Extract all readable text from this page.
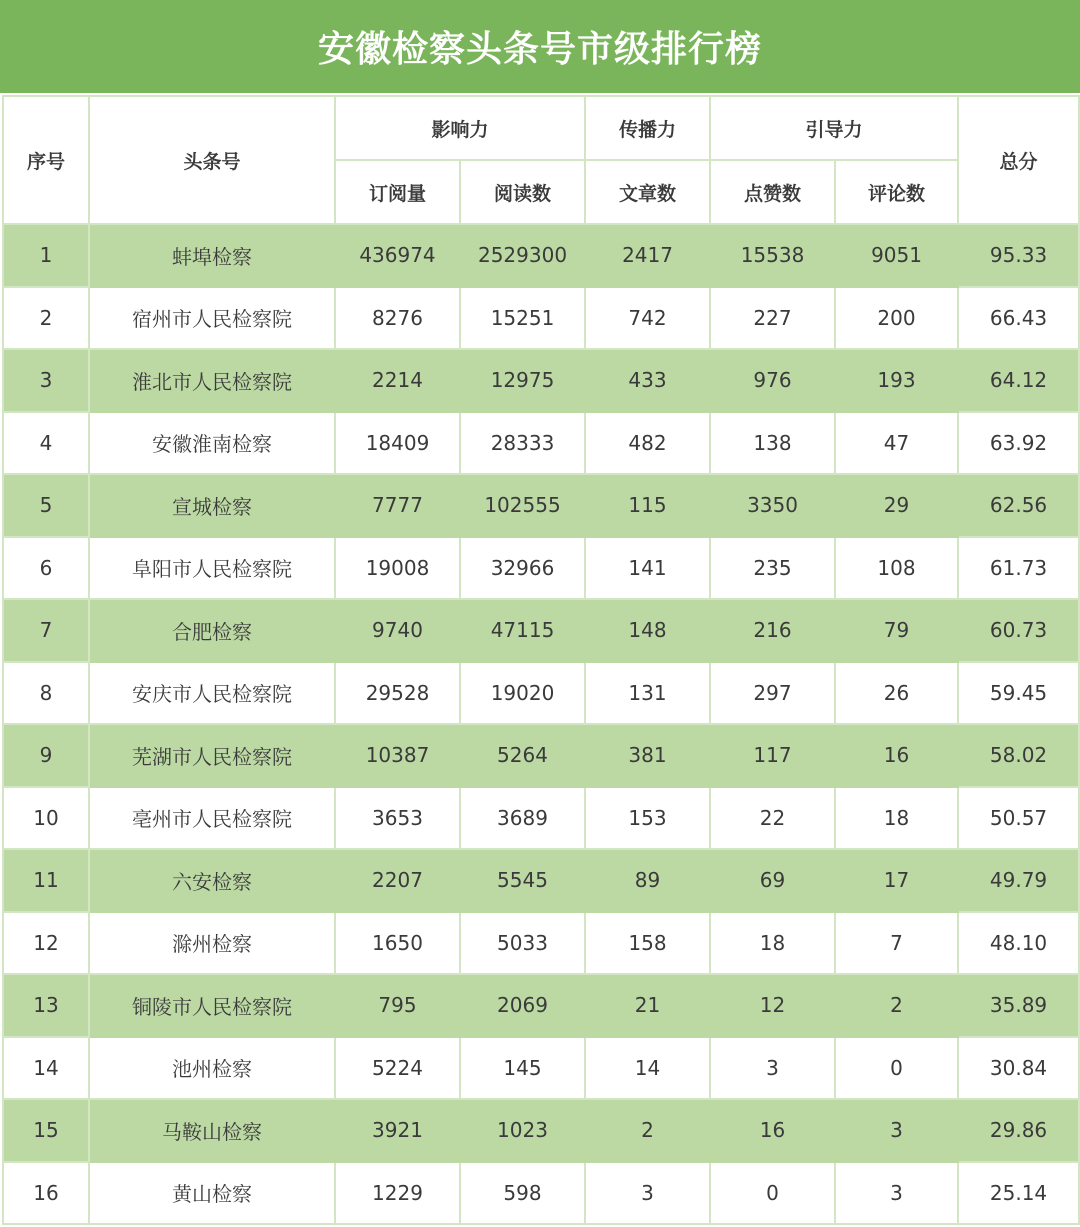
安徽检察头条号市级排行榜
序号	头条号	影响力		传播力	引导力		总分
		订阅量	阅读数	文章数	点赞数	评论数	
1	蚌埠检察	436974	2529300	2417	15538	9051	95.33
2	宿州市人民检察院	8276	15251	742	227	200	66.43
3	淮北市人民检察院	2214	12975	433	976	193	64.12
4	安徽淮南检察	18409	28333	482	138	47	63.92
5	宣城检察	7777	102555	115	3350	29	62.56
6	阜阳市人民检察院	19008	32966	141	235	108	61.73
7	合肥检察	9740	47115	148	216	79	60.73
8	安庆市人民检察院	29528	19020	131	297	26	59.45
9	芜湖市人民检察院	10387	5264	381	117	16	58.02
10	亳州市人民检察院	3653	3689	153	22	18	50.57
11	六安检察	2207	5545	89	69	17	49.79
12	滁州检察	1650	5033	158	18	7	48.10
13	铜陵市人民检察院	795	2069	21	12	2	35.89
14	池州检察	5224	145	14	3	0	30.84
15	马鞍山检察	3921	1023	2	16	3	29.86
16	黄山检察	1229	598	3	0	3	25.14
